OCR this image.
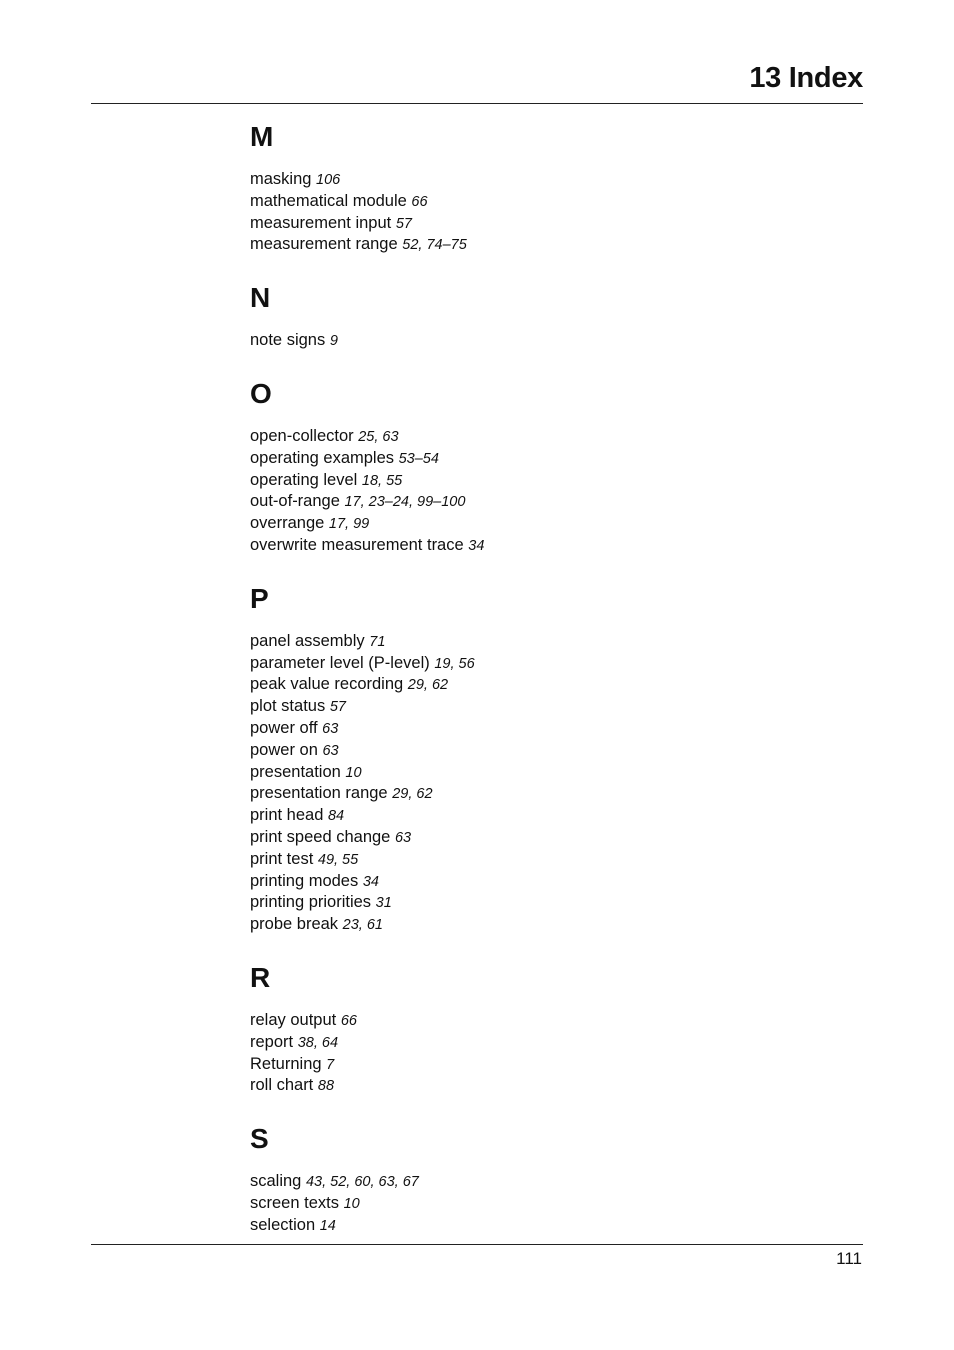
13 Index
M
masking 106
mathematical module 66
measurement input 57
measurement range 52, 74–75
N
note signs 9
O
open-collector 25, 63
operating examples 53–54
operating level 18, 55
out-of-range 17, 23–24, 99–100
overrange 17, 99
overwrite measurement trace 34
P
panel assembly 71
parameter level (P-level) 19, 56
peak value recording 29, 62
plot status 57
power off 63
power on 63
presentation 10
presentation range 29, 62
print head 84
print speed change 63
print test 49, 55
printing modes 34
printing priorities 31
probe break 23, 61
R
relay output 66
report 38, 64
Returning 7
roll chart 88
S
scaling 43, 52, 60, 63, 67
screen texts 10
selection 14
111
